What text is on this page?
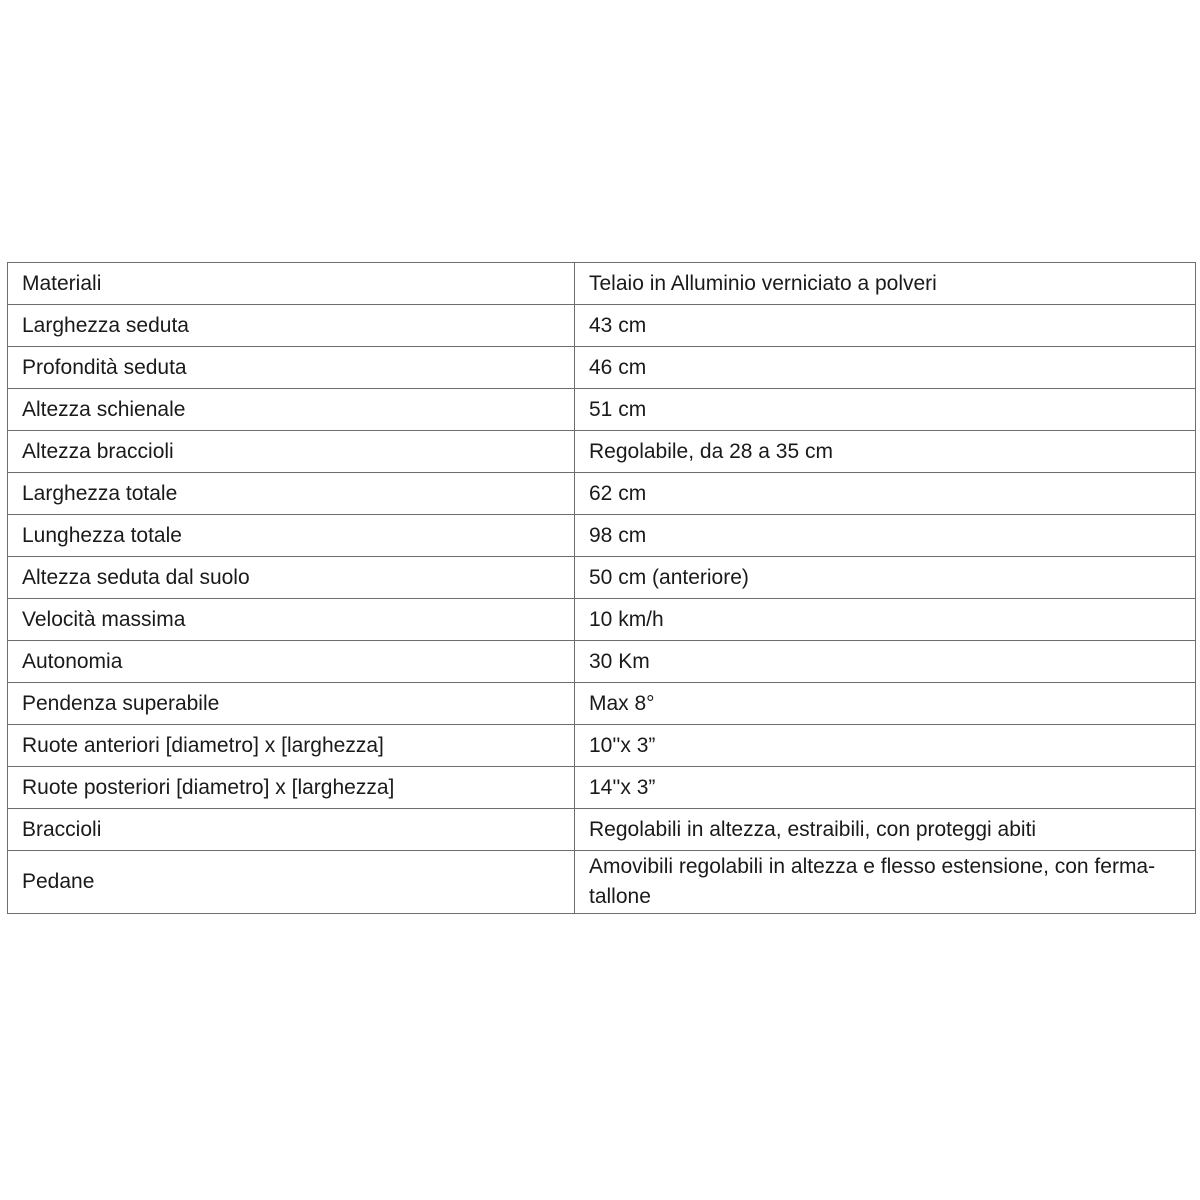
Materiali	Telaio in Alluminio verniciato a polveri
Larghezza seduta	43 cm
Profondità seduta	46 cm
Altezza schienale	51 cm
Altezza braccioli	Regolabile, da 28 a 35 cm
Larghezza totale	62 cm
Lunghezza totale	98 cm
Altezza seduta dal suolo	50 cm (anteriore)
Velocità massima	10 km/h
Autonomia	30 Km
Pendenza superabile	Max 8°
Ruote anteriori [diametro] x [larghezza]	10''x 3”
Ruote posteriori [diametro] x [larghezza]	14''x 3”
Braccioli	Regolabili in altezza, estraibili, con proteggi abiti
Pedane	Amovibili regolabili in altezza e flesso estensione, con ferma-tallone
